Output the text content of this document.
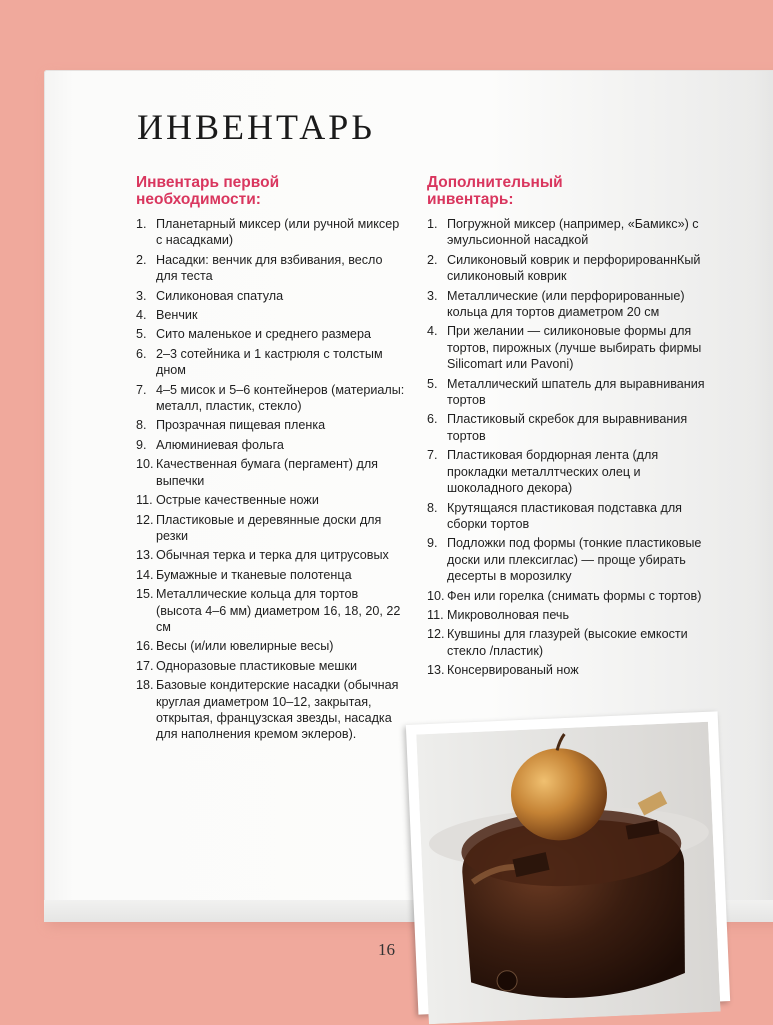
ИНВЕНТАРЬ
Инвентарь первой необходимости:
1. Планетарный миксер (или ручной миксер с насадками)
2. Насадки: венчик для взбивания, весло для теста
3. Силиконовая спатула
4. Венчик
5. Сито маленькое и среднего размера
6. 2–3 сотейника и 1 кастрюля с толстым дном
7. 4–5 мисок и 5–6 контейнеров (материалы: металл, пластик, стекло)
8. Прозрачная пищевая пленка
9. Алюминиевая фольга
10. Качественная бумага (пергамент) для выпечки
11. Острые качественные ножи
12. Пластиковые и деревянные доски для резки
13. Обычная терка и терка для цитрусовых
14. Бумажные и тканевые полотенца
15. Металлические кольца для тортов (высота 4–6 мм) диаметром 16, 18, 20, 22 см
16. Весы (и/или ювелирные весы)
17. Одноразовые пластиковые мешки
18. Базовые кондитерские насадки (обычная круглая диаметром 10–12, закрытая, открытая, французская звезды, насадка для наполнения кремом эклеров).
Дополнительный инвентарь:
1. Погружной миксер (например, «Бамикс») с эмульсионной насадкой
2. Силиконовый коврик и перфорированнКый силиконовый коврик
3. Металлические (или перфорированные) кольца для тортов диаметром 20 см
4. При желании — силиконовые формы для тортов, пирожных (лучше выбирать фирмы Silicomart или Pavoni)
5. Металлический шпатель для выравнивания тортов
6. Пластиковый скребок для выравнивания тортов
7. Пластиковая бордюрная лента (для прокладки металлтческих олец и шоколадного декора)
8. Крутящаяся пластиковая подставка для сборки тортов
9. Подложки под формы (тонкие пластиковые доски или плексиглас) — проще убирать десерты в морозилку
10. Фен или горелка (снимать формы с тортов)
11. Микроволновая печь
12. Кувшины для глазурей (высокие емкости стекло /пластик)
13. Консервированый нож
16
